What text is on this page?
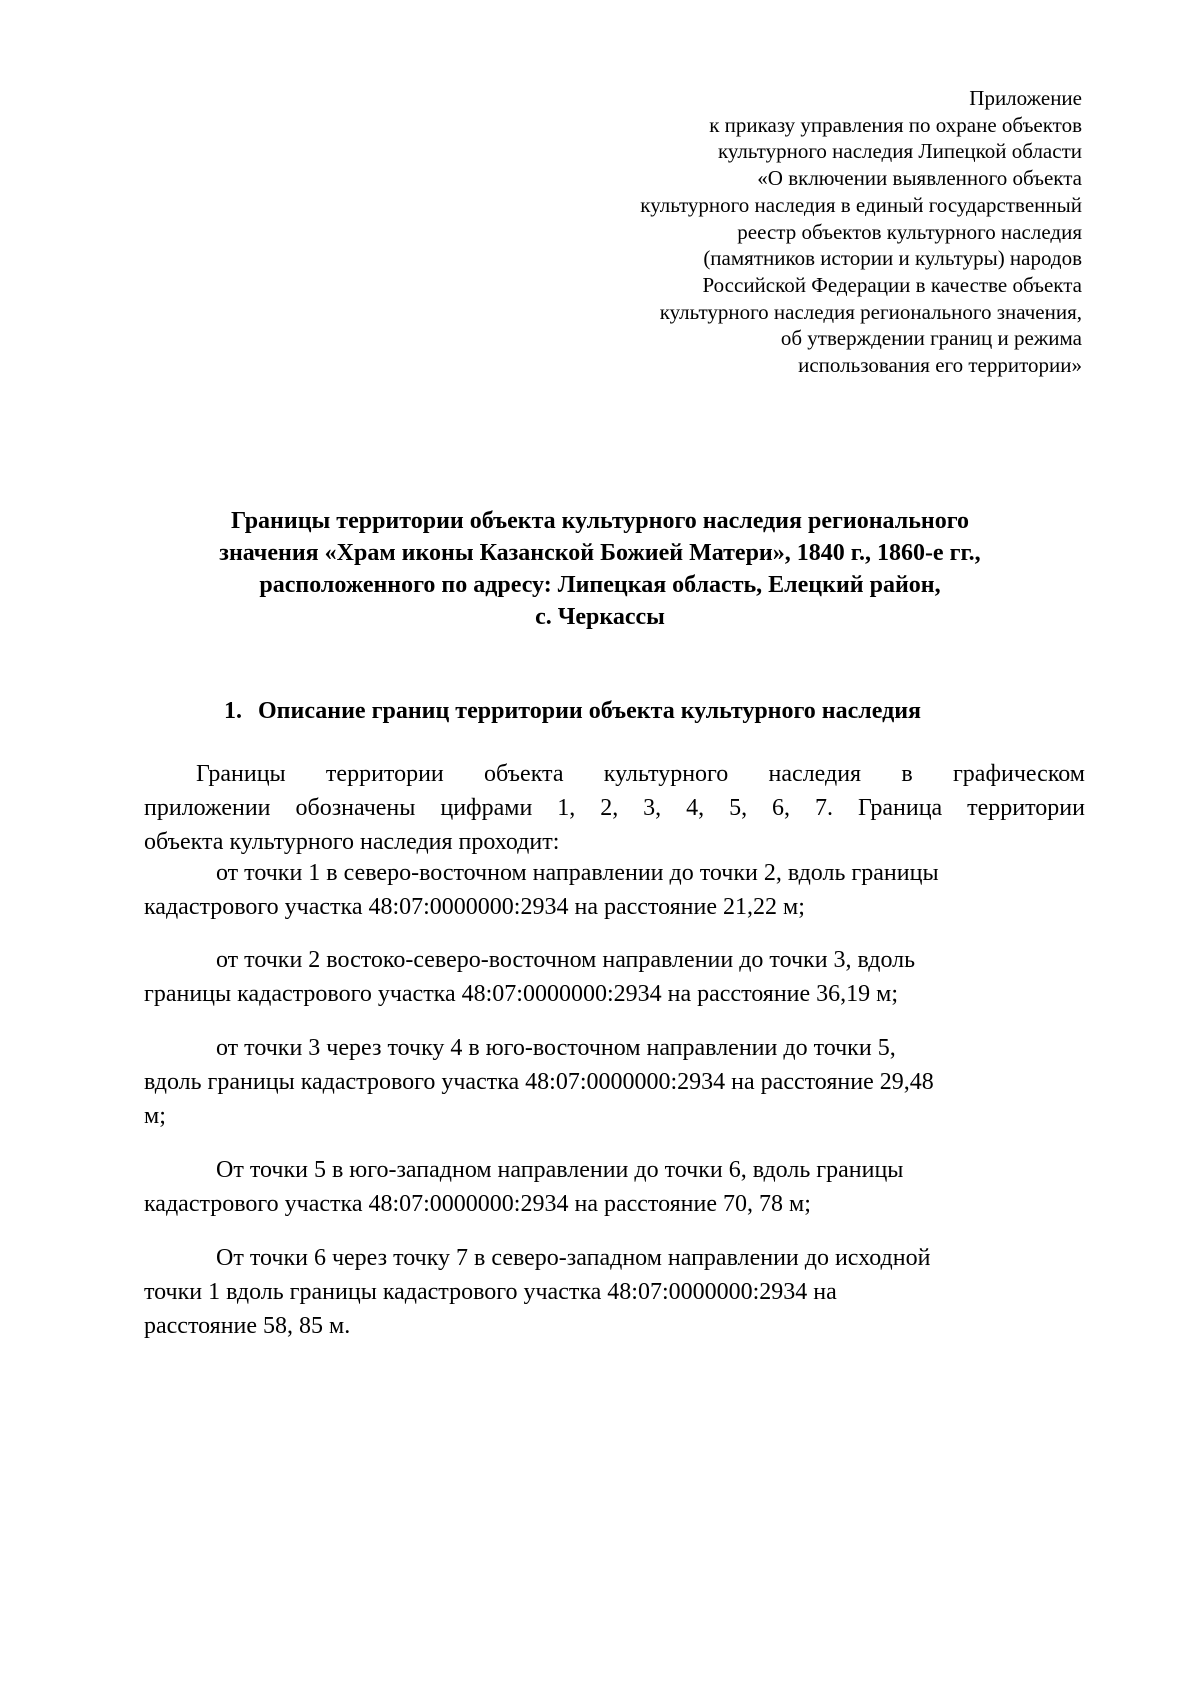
Приложение
к приказу управления по охране объектов
культурного наследия Липецкой области
«О включении выявленного объекта
культурного наследия в единый государственный
реестр объектов культурного наследия
(памятников истории и культуры) народов
Российской Федерации в качестве объекта
культурного наследия регионального значения,
об утверждении границ и режима
использования его территории»
Границы территории объекта культурного наследия регионального
значения «Храм иконы Казанской Божией Матери», 1840 г., 1860-е гг.,
расположенного по адресу: Липецкая область, Елецкий район,
с. Черкассы
1. Описание границ территории объекта культурного наследия
Границы территории объекта культурного наследия в графическом
приложении обозначены цифрами 1, 2, 3, 4, 5, 6, 7. Граница территории
объекта культурного наследия проходит:
от точки 1 в северо-восточном направлении до точки 2, вдоль границы
кадастрового участка 48:07:0000000:2934 на расстояние 21,22 м;
от точки 2 востоко-северо-восточном направлении до точки 3, вдоль
границы кадастрового участка 48:07:0000000:2934 на расстояние 36,19 м;
от точки 3 через точку 4 в юго-восточном направлении до точки 5,
вдоль границы кадастрового участка 48:07:0000000:2934 на расстояние 29,48
м;
От точки 5 в юго-западном направлении до точки 6, вдоль границы
кадастрового участка 48:07:0000000:2934 на расстояние 70, 78 м;
От точки 6 через точку 7 в северо-западном направлении до исходной
точки 1 вдоль границы кадастрового участка 48:07:0000000:2934 на
расстояние 58, 85 м.
